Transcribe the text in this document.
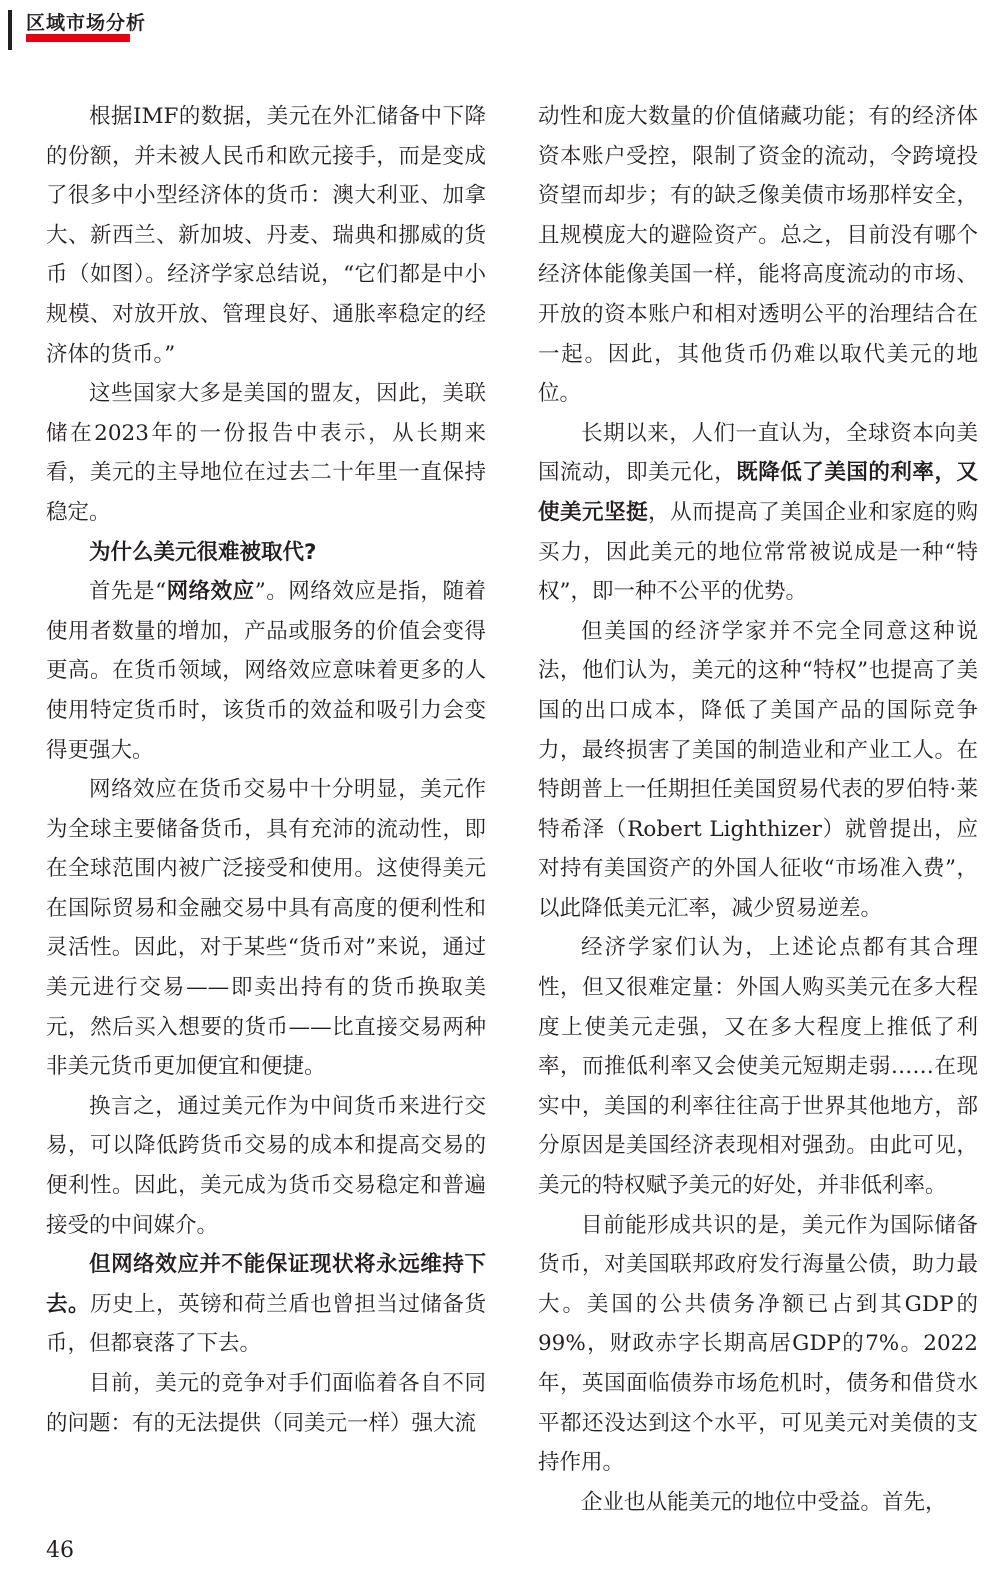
区域市场分析

根据IMF的数据，美元在外汇储备中下降的份额，并未被人民币和欧元接手，而是变成了很多中小型经济体的货币：澳大利亚、加拿大、新西兰、新加坡、丹麦、瑞典和挪威的货币（如图）。经济学家总结说，“它们都是中小规模、对放开放、管理良好、通胀率稳定的经济体的货币。”

这些国家大多是美国的盟友，因此，美联储在2023年的一份报告中表示，从长期来看，美元的主导地位在过去二十年里一直保持稳定。

为什么美元很难被取代?

首先是“网络效应”。网络效应是指，随着使用者数量的增加，产品或服务的价值会变得更高。在货币领域，网络效应意味着更多的人使用特定货币时，该货币的效益和吸引力会变得更强大。

网络效应在货币交易中十分明显，美元作为全球主要储备货币，具有充沛的流动性，即在全球范围内被广泛接受和使用。这使得美元在国际贸易和金融交易中具有高度的便利性和灵活性。因此，对于某些“货币对”来说，通过美元进行交易——即卖出持有的货币换取美元，然后买入想要的货币——比直接交易两种非美元货币更加便宜和便捷。

换言之，通过美元作为中间货币来进行交易，可以降低跨货币交易的成本和提高交易的便利性。因此，美元成为货币交易稳定和普遍接受的中间媒介。

但网络效应并不能保证现状将永远维持下去。历史上，英镑和荷兰盾也曾担当过储备货币，但都衰落了下去。

目前，美元的竞争对手们面临着各自不同的问题：有的无法提供（同美元一样）强大流

动性和庞大数量的价值储藏功能；有的经济体资本账户受控，限制了资金的流动，令跨境投资望而却步；有的缺乏像美债市场那样安全，且规模庞大的避险资产。总之，目前没有哪个经济体能像美国一样，能将高度流动的市场、开放的资本账户和相对透明公平的治理结合在一起。因此，其他货币仍难以取代美元的地位。

长期以来，人们一直认为，全球资本向美国流动，即美元化，既降低了美国的利率，又使美元坚挺，从而提高了美国企业和家庭的购买力，因此美元的地位常常被说成是一种“特权”，即一种不公平的优势。

但美国的经济学家并不完全同意这种说法，他们认为，美元的这种“特权”也提高了美国的出口成本，降低了美国产品的国际竞争力，最终损害了美国的制造业和产业工人。在特朗普上一任期担任美国贸易代表的罗伯特·莱特希泽（Robert Lighthizer）就曾提出，应对持有美国资产的外国人征收“市场准入费”，以此降低美元汇率，减少贸易逆差。

经济学家们认为，上述论点都有其合理性，但又很难定量：外国人购买美元在多大程度上使美元走强，又在多大程度上推低了利率，而推低利率又会使美元短期走弱……在现实中，美国的利率往往高于世界其他地方，部分原因是美国经济表现相对强劲。由此可见，美元的特权赋予美元的好处，并非低利率。

目前能形成共识的是，美元作为国际储备货币，对美国联邦政府发行海量公债，助力最大。美国的公共债务净额已占到其GDP的99%，财政赤字长期高居GDP的7%。2022年，英国面临债券市场危机时，债务和借贷水平都还没达到这个水平，可见美元对美债的支持作用。

企业也从能美元的地位中受益。首先，

46
